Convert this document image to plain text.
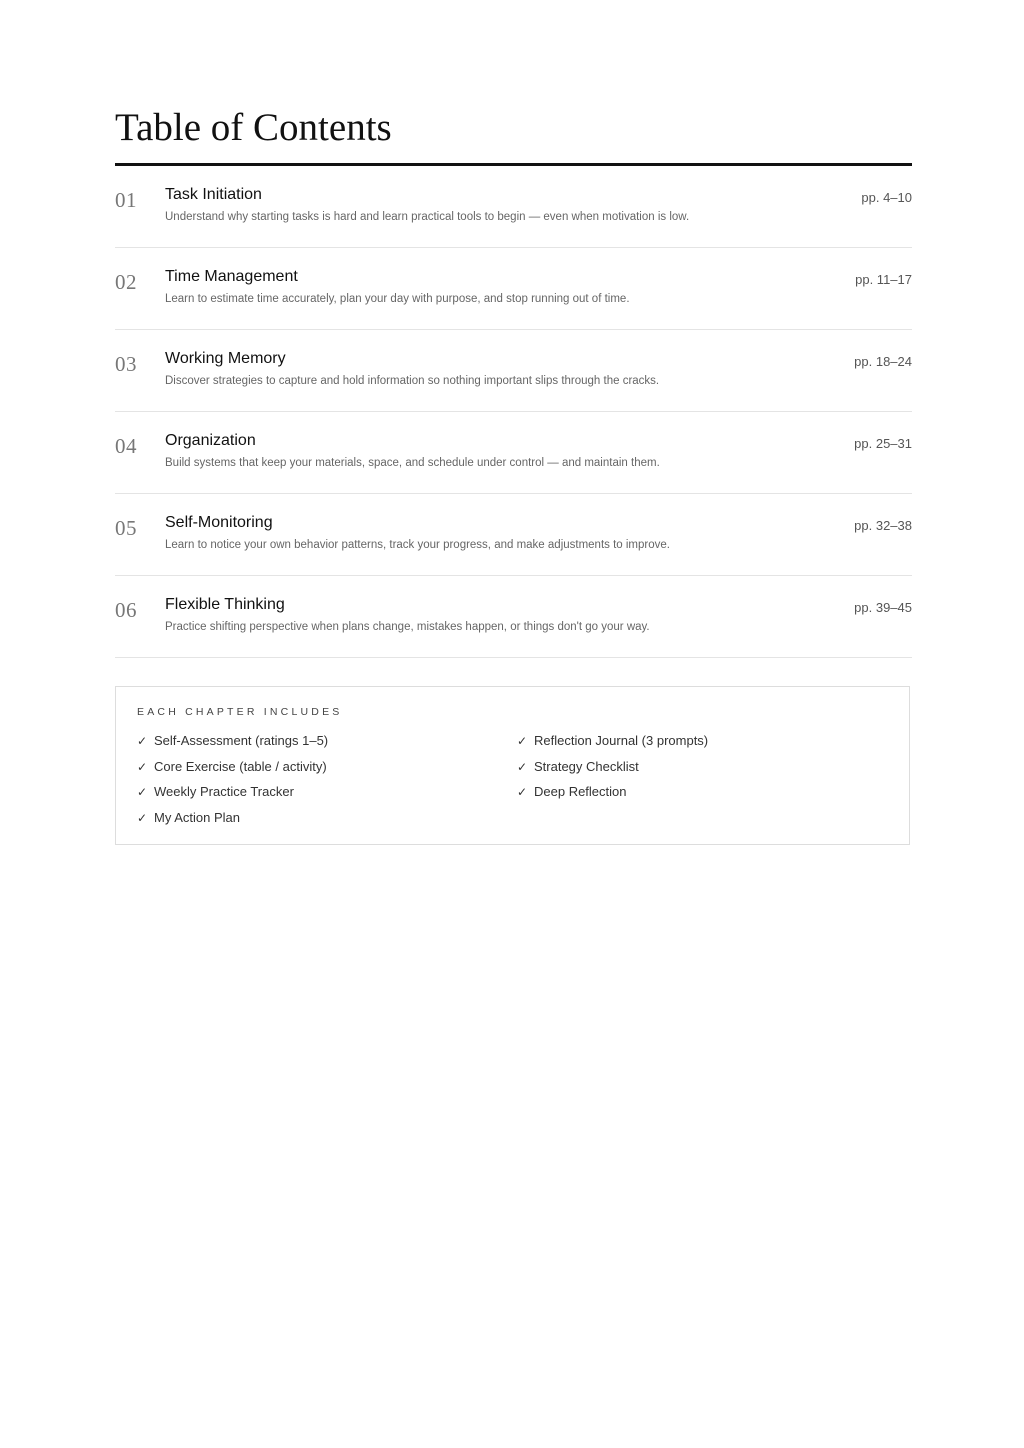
Table of Contents
01 Task Initiation
Understand why starting tasks is hard and learn practical tools to begin — even when motivation is low.
pp. 4–10
02 Time Management
Learn to estimate time accurately, plan your day with purpose, and stop running out of time.
pp. 11–17
03 Working Memory
Discover strategies to capture and hold information so nothing important slips through the cracks.
pp. 18–24
04 Organization
Build systems that keep your materials, space, and schedule under control — and maintain them.
pp. 25–31
05 Self-Monitoring
Learn to notice your own behavior patterns, track your progress, and make adjustments to improve.
pp. 32–38
06 Flexible Thinking
Practice shifting perspective when plans change, mistakes happen, or things don't go your way.
pp. 39–45
EACH CHAPTER INCLUDES
✓ Self-Assessment (ratings 1–5)
✓ Core Exercise (table / activity)
✓ Weekly Practice Tracker
✓ My Action Plan
✓ Reflection Journal (3 prompts)
✓ Strategy Checklist
✓ Deep Reflection
